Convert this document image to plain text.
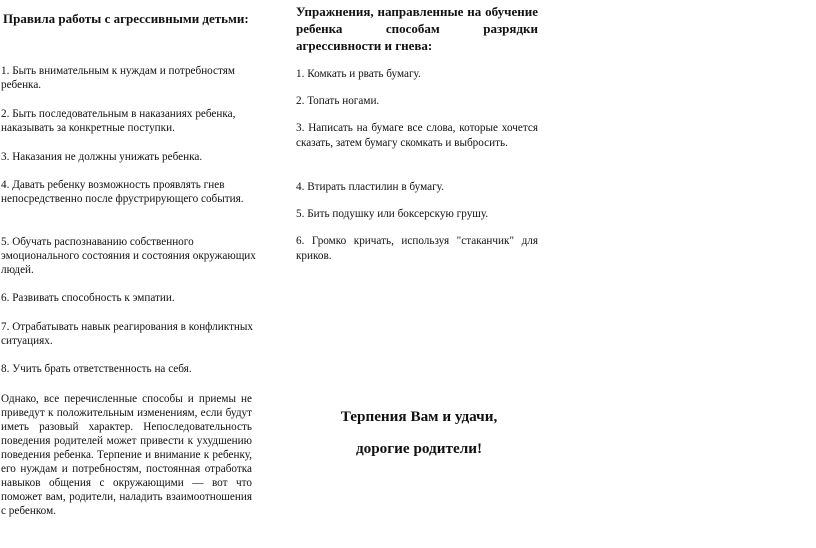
Правила работы с агрессивными детьми:
1. Быть внимательным к нуждам и потребностям ребенка.
2. Быть последовательным в наказаниях ребенка, наказывать за конкретные поступки.
3. Наказания не должны унижать ребенка.
4. Давать ребенку возможность проявлять гнев непосредственно после фрустрирующего события.
5. Обучать распознаванию собственного эмоционального состояния и состояния окружающих людей.
6. Развивать способность к эмпатии.
7. Отрабатывать навык реагирования в конфликтных ситуациях.
8. Учить брать ответственность на себя.
Однако, все перечисленные способы и приемы не приведут к положительным изменениям, если будут иметь разовый характер. Непоследовательность поведения родителей может привести к ухудшению поведения ребенка. Терпение и внимание к ребенку, его нуждам и потребностям, постоянная отработка навыков общения с окружающими — вот что поможет вам, родители, наладить взаимоотношения с ребенком.
Упражнения, направленные на обучение ребенка способам разрядки агрессивности и гнева:
1. Комкать и рвать бумагу.
2. Топать ногами.
3. Написать на бумаге все слова, которые хочется сказать, затем бумагу скомкать и выбросить.
4. Втирать пластилин в бумагу.
5. Бить подушку или боксерскую грушу.
6. Громко кричать, используя "стаканчик" для криков.
Терпения Вам и удачи,
дорогие родители!
